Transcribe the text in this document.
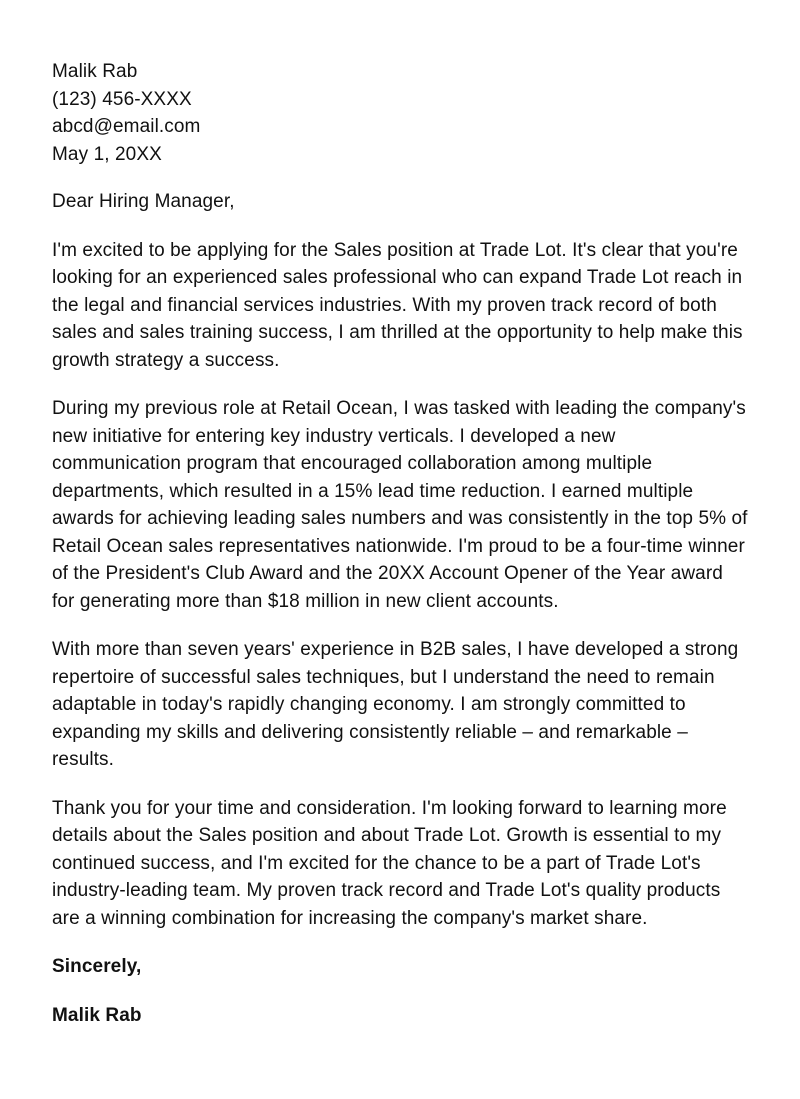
Malik Rab
(123) 456-XXXX
abcd@email.com
May 1, 20XX

Dear Hiring Manager,

I'm excited to be applying for the Sales position at Trade Lot. It's clear that you're looking for an experienced sales professional who can expand Trade Lot reach in the legal and financial services industries. With my proven track record of both sales and sales training success, I am thrilled at the opportunity to help make this growth strategy a success.

During my previous role at Retail Ocean, I was tasked with leading the company's new initiative for entering key industry verticals. I developed a new communication program that encouraged collaboration among multiple departments, which resulted in a 15% lead time reduction. I earned multiple awards for achieving leading sales numbers and was consistently in the top 5% of Retail Ocean sales representatives nationwide. I'm proud to be a four-time winner of the President's Club Award and the 20XX Account Opener of the Year award for generating more than $18 million in new client accounts.

With more than seven years' experience in B2B sales, I have developed a strong repertoire of successful sales techniques, but I understand the need to remain adaptable in today's rapidly changing economy. I am strongly committed to expanding my skills and delivering consistently reliable – and remarkable – results.

Thank you for your time and consideration. I'm looking forward to learning more details about the Sales position and about Trade Lot. Growth is essential to my continued success, and I'm excited for the chance to be a part of Trade Lot's industry-leading team. My proven track record and Trade Lot's quality products are a winning combination for increasing the company's market share.

Sincerely,

Malik Rab
